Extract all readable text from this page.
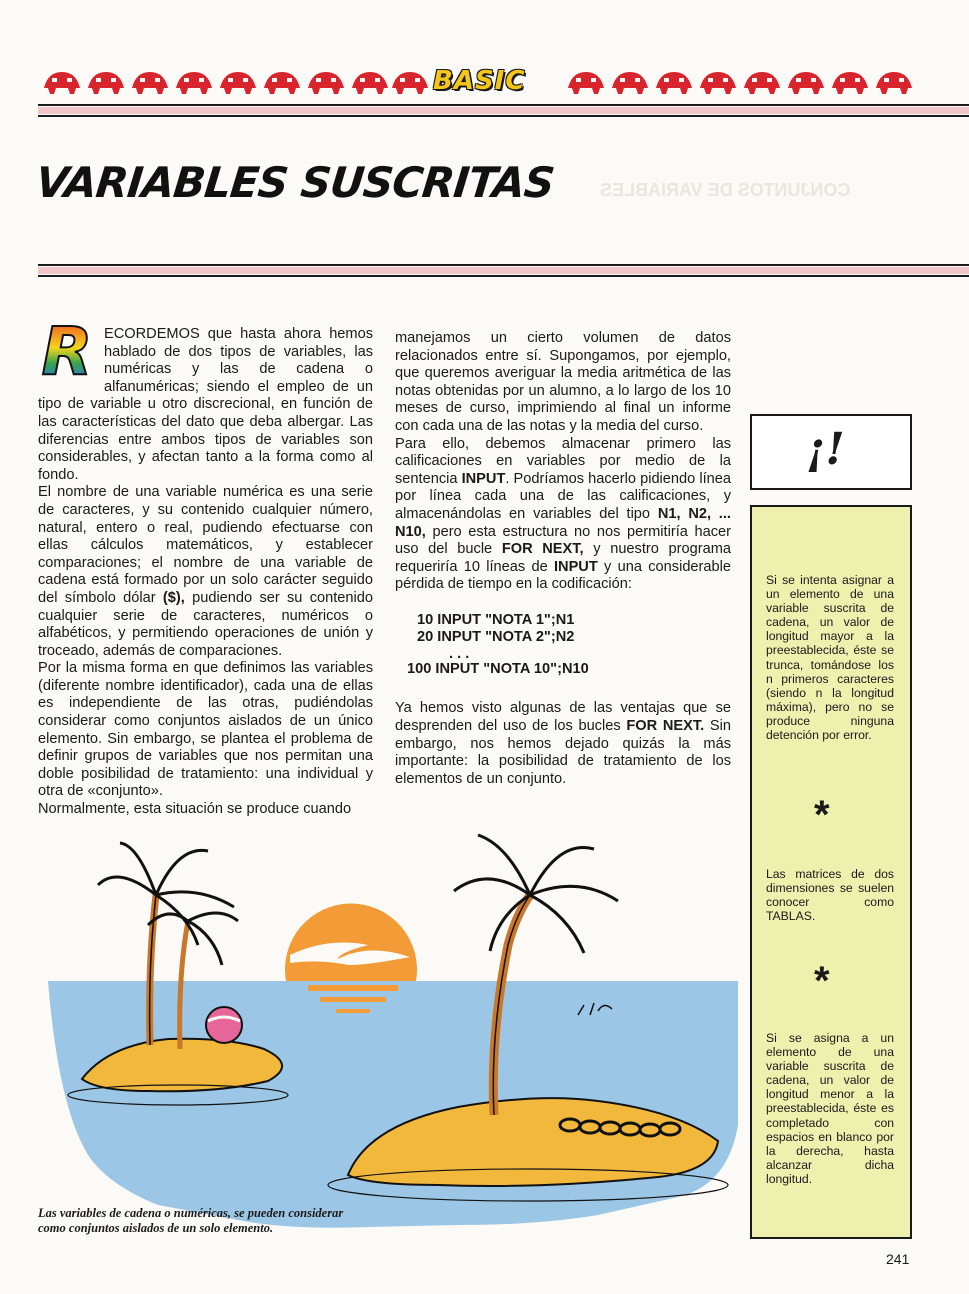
CONJUNTOS DE VARIABLES
BASIC
VARIABLES SUSCRITAS

R ECORDEMOS que hasta ahora hemos hablado de dos tipos de variables, las numéricas y las de cadena o alfanuméricas; siendo el empleo de un tipo de variable u otro discrecional, en función de las características del dato que deba albergar. Las diferencias entre ambos tipos de variables son considerables, y afectan tanto a la forma como al fondo.

El nombre de una variable numérica es una serie de caracteres, y su contenido cualquier número, natural, entero o real, pudiendo efectuarse con ellas cálculos matemáticos, y establecer comparaciones; el nombre de una variable de cadena está formado por un solo carácter seguido del símbolo dólar ($), pudiendo ser su contenido cualquier serie de caracteres, numéricos o alfabéticos, y permitiendo operaciones de unión y troceado, además de comparaciones.

Por la misma forma en que definimos las variables (diferente nombre identificador), cada una de ellas es independiente de las otras, pudiéndolas considerar como conjuntos aislados de un único elemento. Sin embargo, se plantea el problema de definir grupos de variables que nos permitan una doble posibilidad de tratamiento: una individual y otra de «conjunto».

Normalmente, esta situación se produce cuando

manejamos un cierto volumen de datos relacionados entre sí. Supongamos, por ejemplo, que queremos averiguar la media aritmética de las notas obtenidas por un alumno, a lo largo de los 10 meses de curso, imprimiendo al final un informe con cada una de las notas y la media del curso.

Para ello, debemos almacenar primero las calificaciones en variables por medio de la sentencia INPUT. Podríamos hacerlo pidiendo línea por línea cada una de las calificaciones, y almacenándolas en variables del tipo N1, N2, ... N10, pero esta estructura no nos permitiría hacer uso del bucle FOR NEXT, y nuestro programa requeriría 10 líneas de INPUT y una considerable pérdida de tiempo en la codificación:

10 INPUT "NOTA 1";N1
20 INPUT "NOTA 2";N2
. . .
100 INPUT "NOTA 10";N10

Ya hemos visto algunas de las ventajas que se desprenden del uso de los bucles FOR NEXT. Sin embargo, nos hemos dejado quizás la más importante: la posibilidad de tratamiento de los elementos de un conjunto.

¡!
Si se intenta asignar a un elemento de una variable suscrita de cadena, un valor de longitud mayor a la preestablecida, éste se trunca, tomándose los n primeros caracteres (siendo n la longitud máxima), pero no se produce ninguna detención por error.
*
Las matrices de dos dimensiones se suelen conocer como TABLAS.
*
Si se asigna a un elemento de una variable suscrita de cadena, un valor de longitud menor a la preestablecida, éste es completado con espacios en blanco por la derecha, hasta alcanzar dicha longitud.
Las variables de cadena o numéricas, se pueden considerar como conjuntos aislados de un solo elemento.
241
